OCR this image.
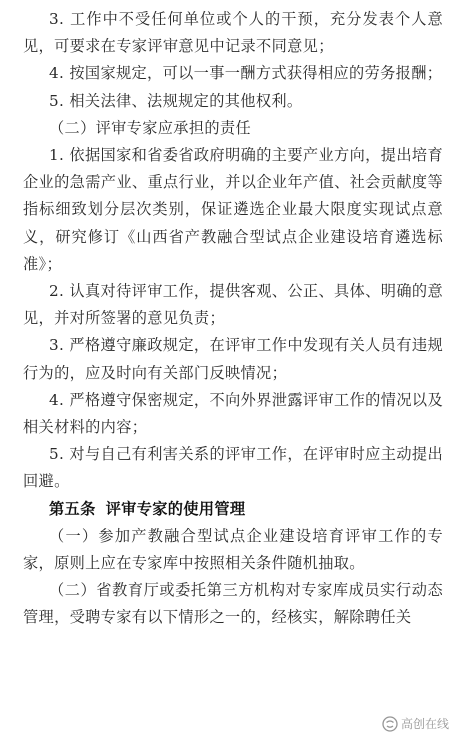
3. 工作中不受任何单位或个人的干预，充分发表个人意见，可要求在专家评审意见中记录不同意见；

4. 按国家规定，可以一事一酬方式获得相应的劳务报酬；

5. 相关法律、法规规定的其他权利。

（二）评审专家应承担的责任

1. 依据国家和省委省政府明确的主要产业方向，提出培育企业的急需产业、重点行业，并以企业年产值、社会贡献度等指标细致划分层次类别，保证遴选企业最大限度实现试点意义，研究修订《山西省产教融合型试点企业建设培育遴选标准》；

2. 认真对待评审工作，提供客观、公正、具体、明确的意见，并对所签署的意见负责；

3. 严格遵守廉政规定，在评审工作中发现有关人员有违规行为的，应及时向有关部门反映情况；

4. 严格遵守保密规定，不向外界泄露评审工作的情况以及相关材料的内容；

5. 对与自己有利害关系的评审工作，在评审时应主动提出回避。

第五条 评审专家的使用管理

（一）参加产教融合型试点企业建设培育评审工作的专家，原则上应在专家库中按照相关条件随机抽取。

（二）省教育厅或委托第三方机构对专家库成员实行动态管理，受聘专家有以下情形之一的，经核实，解除聘任关

高创在线
